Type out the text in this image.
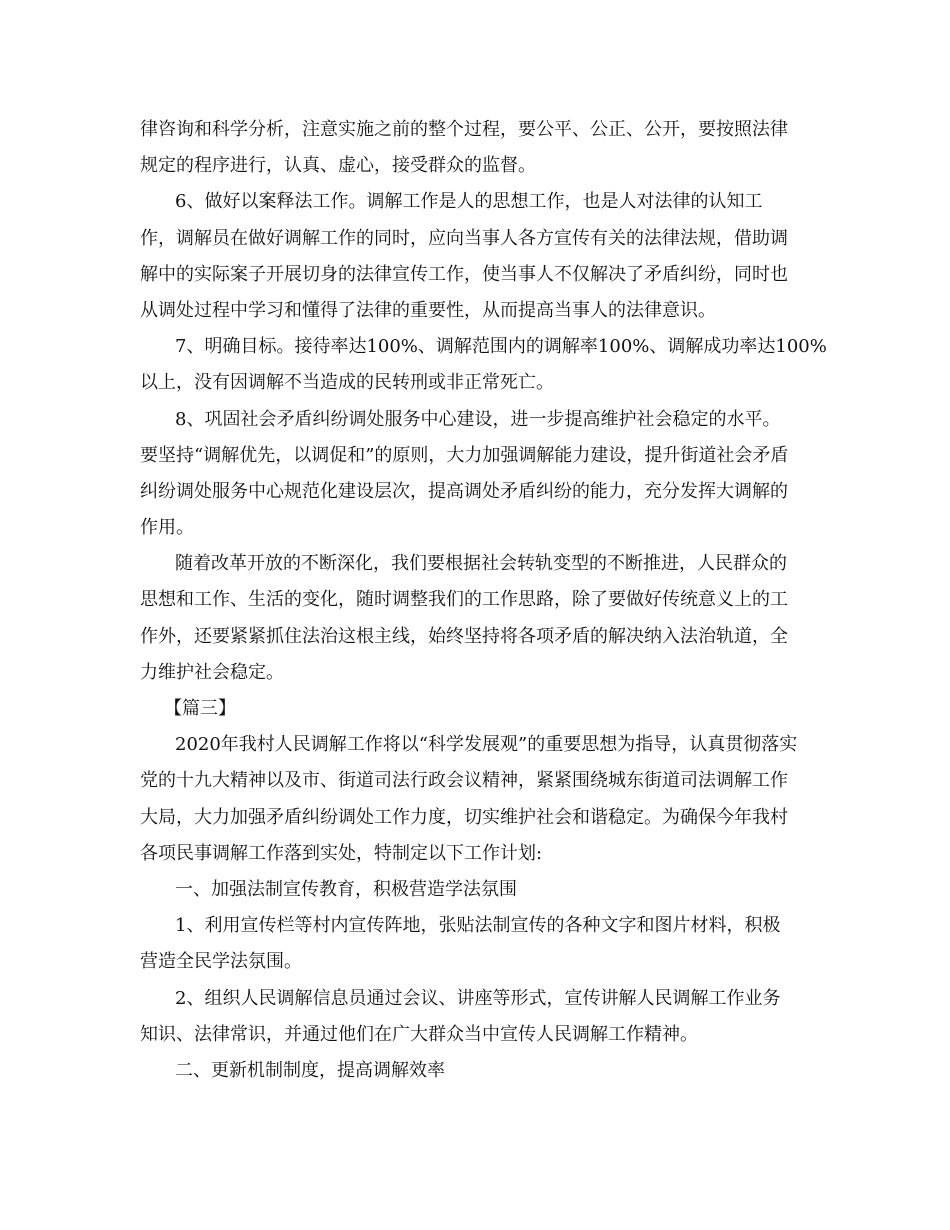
律咨询和科学分析，注意实施之前的整个过程，要公平、公正、公开，要按照法律
规定的程序进行，认真、虚心，接受群众的监督。
6、做好以案释法工作。调解工作是人的思想工作，也是人对法律的认知工
作，调解员在做好调解工作的同时，应向当事人各方宣传有关的法律法规，借助调
解中的实际案子开展切身的法律宣传工作，使当事人不仅解决了矛盾纠纷，同时也
从调处过程中学习和懂得了法律的重要性，从而提高当事人的法律意识。
7、明确目标。接待率达100%、调解范围内的调解率100%、调解成功率达100%
以上，没有因调解不当造成的民转刑或非正常死亡。
8、巩固社会矛盾纠纷调处服务中心建设，进一步提高维护社会稳定的水平。
要坚持“调解优先，以调促和”的原则，大力加强调解能力建设，提升街道社会矛盾
纠纷调处服务中心规范化建设层次，提高调处矛盾纠纷的能力，充分发挥大调解的
作用。
随着改革开放的不断深化，我们要根据社会转轨变型的不断推进，人民群众的
思想和工作、生活的变化，随时调整我们的工作思路，除了要做好传统意义上的工
作外，还要紧紧抓住法治这根主线，始终坚持将各项矛盾的解决纳入法治轨道，全
力维护社会稳定。
【篇三】
2020年我村人民调解工作将以“科学发展观”的重要思想为指导，认真贯彻落实
党的十九大精神以及市、街道司法行政会议精神，紧紧围绕城东街道司法调解工作
大局，大力加强矛盾纠纷调处工作力度，切实维护社会和谐稳定。为确保今年我村
各项民事调解工作落到实处，特制定以下工作计划:
一、加强法制宣传教育，积极营造学法氛围
1、利用宣传栏等村内宣传阵地，张贴法制宣传的各种文字和图片材料，积极
营造全民学法氛围。
2、组织人民调解信息员通过会议、讲座等形式，宣传讲解人民调解工作业务
知识、法律常识，并通过他们在广大群众当中宣传人民调解工作精神。
二、更新机制制度，提高调解效率
